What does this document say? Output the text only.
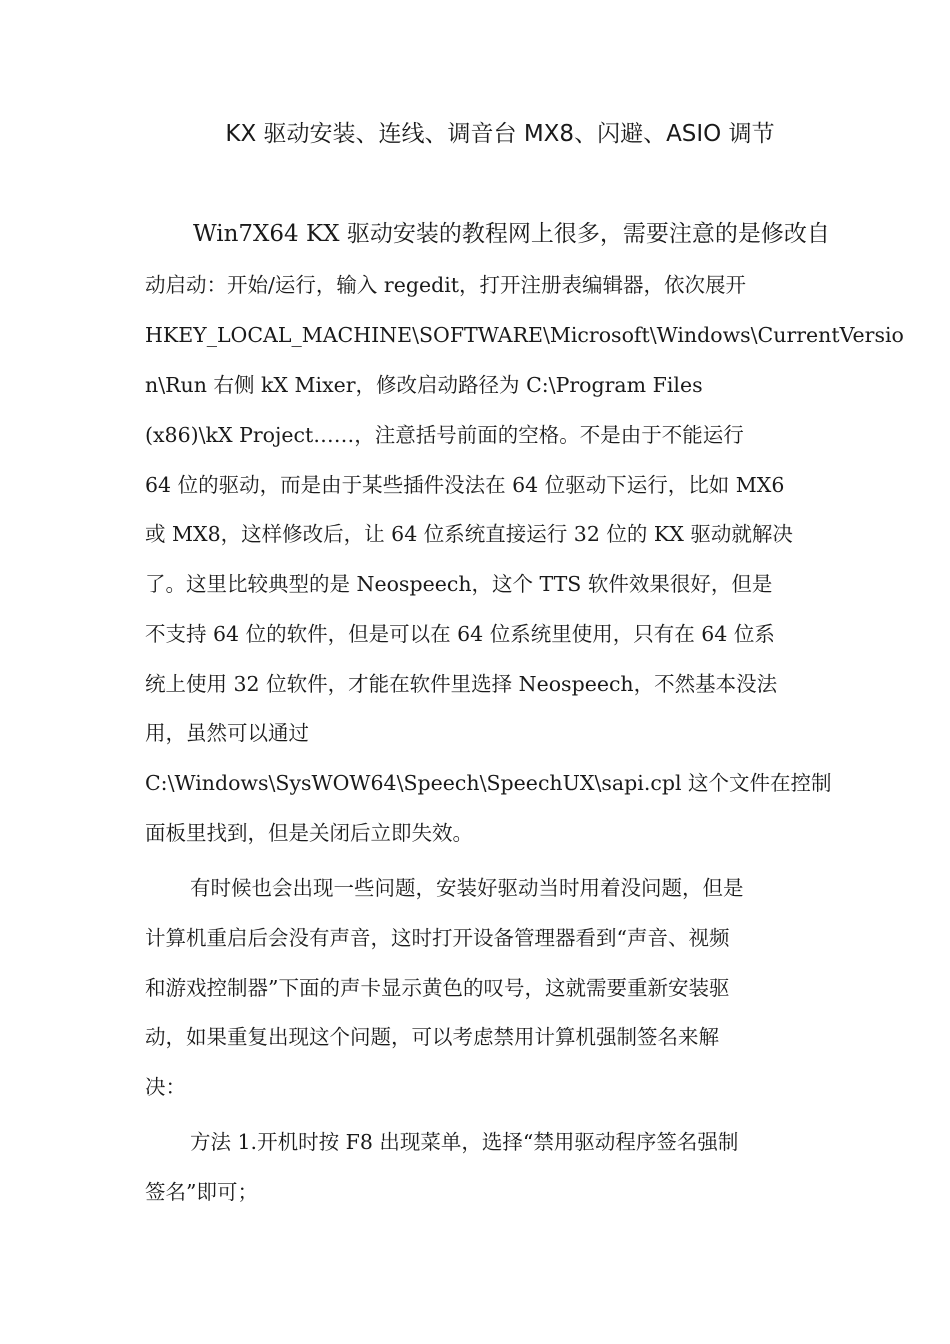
KX 驱动安装、连线、调音台 MX8、闪避、ASIO 调节
Win7X64 KX 驱动安装的教程网上很多，需要注意的是修改自
动启动：开始/运行，输入 regedit，打开注册表编辑器，依次展开
HKEY_LOCAL_MACHINE\SOFTWARE\Microsoft\Windows\CurrentVersio
n\Run 右侧 kX Mixer，修改启动路径为 C:\Program Files
(x86)\kX Project……，注意括号前面的空格。不是由于不能运行
64 位的驱动，而是由于某些插件没法在 64 位驱动下运行，比如 MX6
或 MX8，这样修改后，让 64 位系统直接运行 32 位的 KX 驱动就解决
了。这里比较典型的是 Neospeech，这个 TTS 软件效果很好，但是
不支持 64 位的软件，但是可以在 64 位系统里使用，只有在 64 位系
统上使用 32 位软件，才能在软件里选择 Neospeech，不然基本没法
用，虽然可以通过
C:\Windows\SysWOW64\Speech\SpeechUX\sapi.cpl 这个文件在控制
面板里找到，但是关闭后立即失效。
有时候也会出现一些问题，安装好驱动当时用着没问题，但是
计算机重启后会没有声音，这时打开设备管理器看到“声音、视频
和游戏控制器”下面的声卡显示黄色的叹号，这就需要重新安装驱
动，如果重复出现这个问题，可以考虑禁用计算机强制签名来解
决：
方法 1.开机时按 F8 出现菜单，选择“禁用驱动程序签名强制
签名”即可；
